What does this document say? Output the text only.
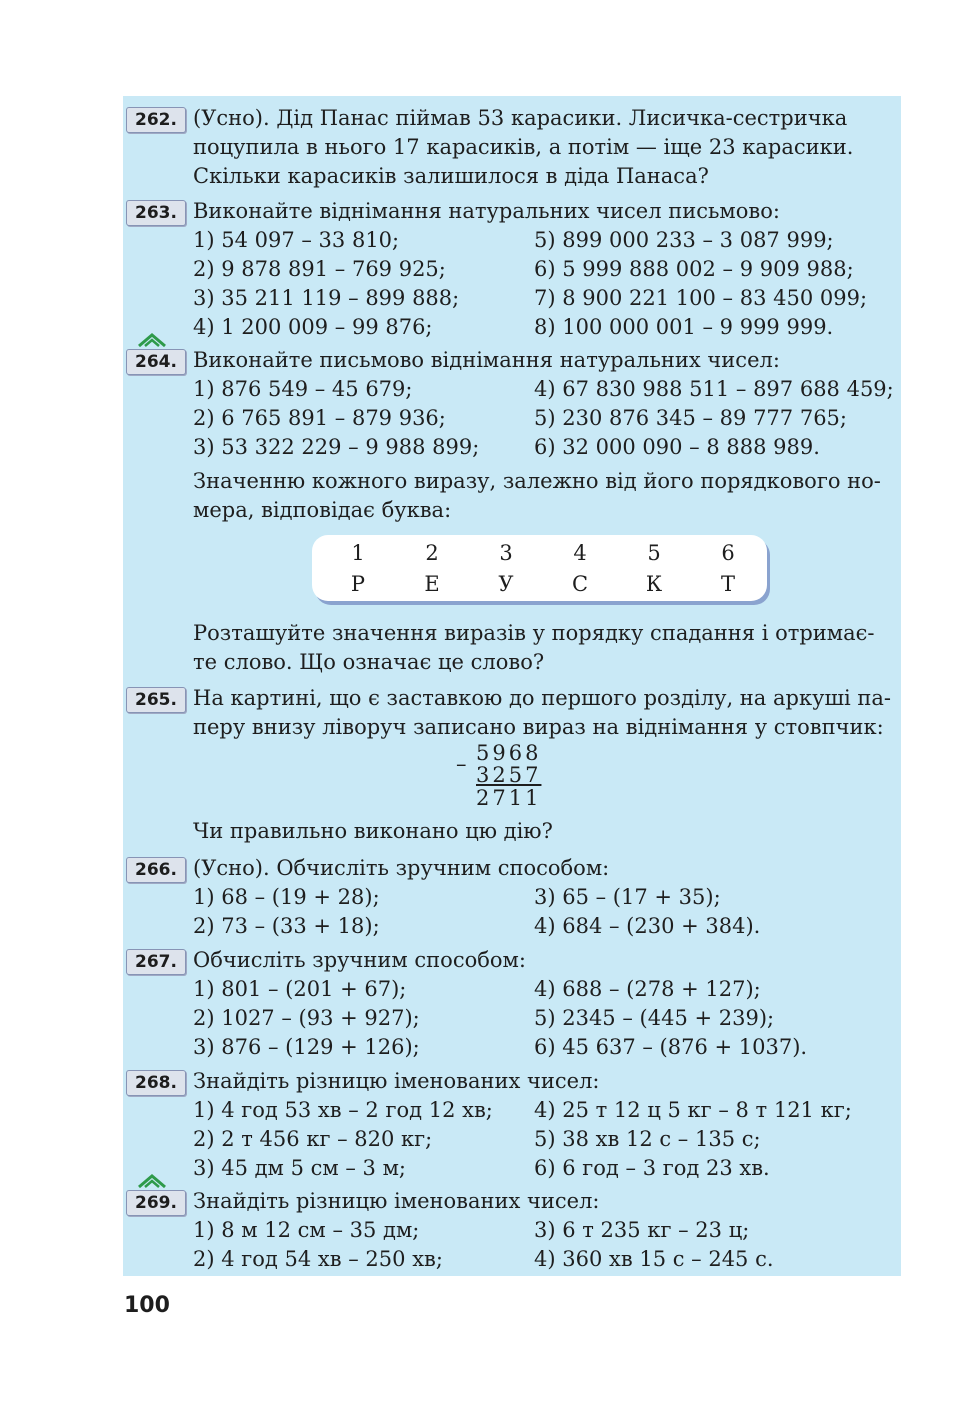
262. (Усно). Дід Панас піймав 53 карасики. Лисичка-сестричка
поцупила в нього 17 карасиків, а потім — іще 23 карасики.
Скільки карасиків залишилося в діда Панаса?
263. Виконайте віднімання натуральних чисел письмово:
1) 54 097 – 33 810;
2) 9 878 891 – 769 925;
3) 35 211 119 – 899 888;
4) 1 200 009 – 99 876;
5) 899 000 233 – 3 087 999;
6) 5 999 888 002 – 9 909 988;
7) 8 900 221 100 – 83 450 099;
8) 100 000 001 – 9 999 999.
264. Виконайте письмово віднімання натуральних чисел:
1) 876 549 – 45 679;
2) 6 765 891 – 879 936;
3) 53 322 229 – 9 988 899;
4) 67 830 988 511 – 897 688 459;
5) 230 876 345 – 89 777 765;
6) 32 000 090 – 8 888 989.
Значенню кожного виразу, залежно від його порядкового но-
мера, відповідає буква:
Розташуйте значення виразів у порядку спадання і отримає-
те слово. Що означає це слово?
265. На картині, що є заставкою до першого розділу, на аркуші па-
перу внизу ліворуч записано вираз на віднімання у стовпчик:
Чи правильно виконано цю дію?
266. (Усно). Обчисліть зручним способом:
1) 68 – (19 + 28);
2) 73 – (33 + 18);
3) 65 – (17 + 35);
4) 684 – (230 + 384).
267. Обчисліть зручним способом:
1) 801 – (201 + 67);
2) 1027 – (93 + 927);
3) 876 – (129 + 126);
4) 688 – (278 + 127);
5) 2345 – (445 + 239);
6) 45 637 – (876 + 1037).
268. Знайдіть різницю іменованих чисел:
1) 4 год 53 хв – 2 год 12 хв;
2) 2 т 456 кг – 820 кг;
3) 45 дм 5 см – 3 м;
4) 25 т 12 ц 5 кг – 8 т 121 кг;
5) 38 хв 12 с – 135 с;
6) 6 год – 3 год 23 хв.
269. Знайдіть різницю іменованих чисел:
1) 8 м 12 см – 35 дм;
2) 4 год 54 хв – 250 хв;
3) 6 т 235 кг – 23 ц;
4) 360 хв 15 с – 245 с.
1	2	3	4	5	6
Р	Е	У	С	К	Т
– 5968
3257
2711
100
